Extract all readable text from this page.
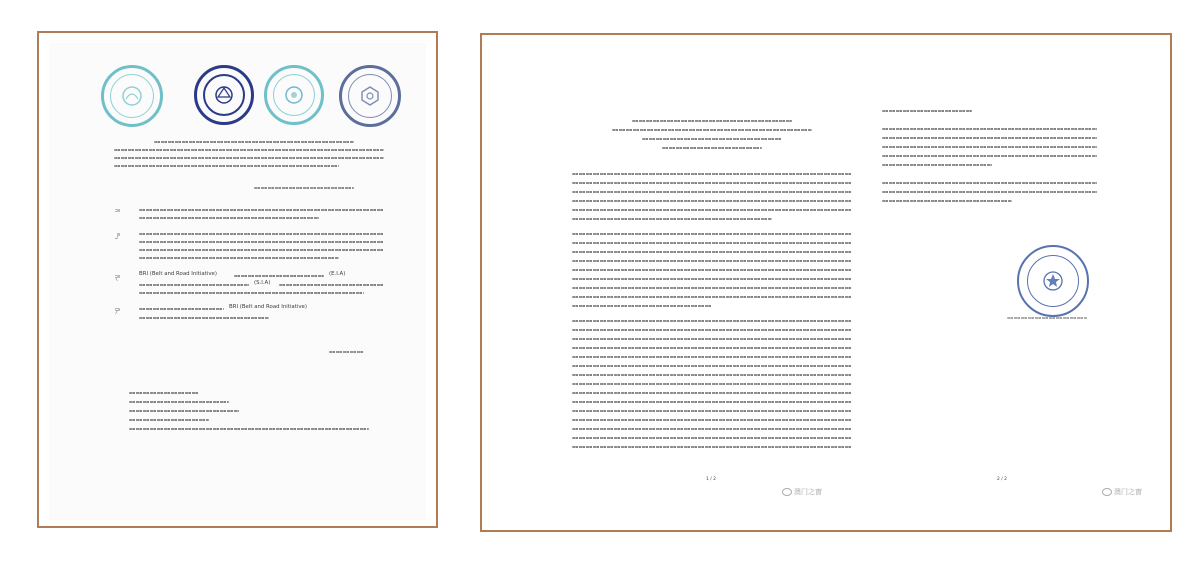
၁။
၂။
၃။	BRI (Belt and Road Initiative)	(E.I.A)
(S.I.A)
၄။	BRI (Belt and Road Initiative)
1 / 2
澳门之窗
2 / 2
澳门之窗
